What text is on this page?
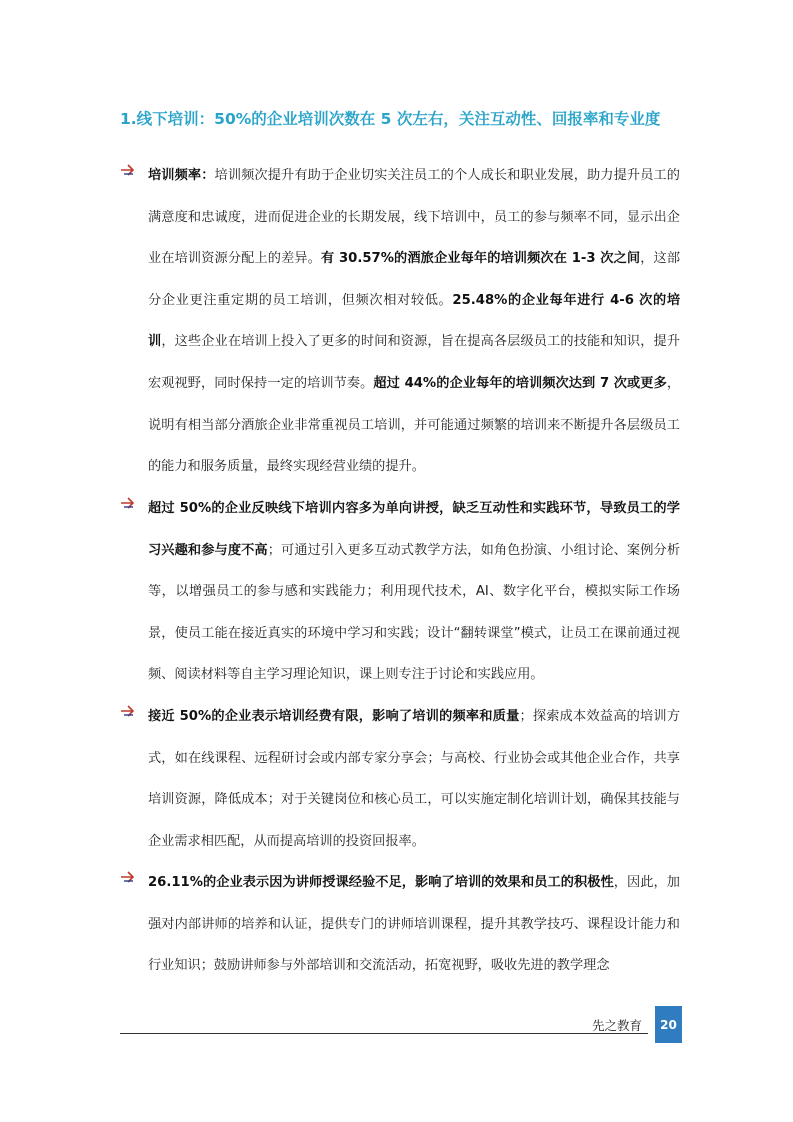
1.线下培训：50%的企业培训次数在 5 次左右，关注互动性、回报率和专业度
培训频率：培训频次提升有助于企业切实关注员工的个人成长和职业发展，助力提升员工的满意度和忠诚度，进而促进企业的长期发展，线下培训中，员工的参与频率不同，显示出企业在培训资源分配上的差异。有 30.57%的酒旅企业每年的培训频次在 1-3 次之间，这部分企业更注重定期的员工培训，但频次相对较低。25.48%的企业每年进行 4-6 次的培训，这些企业在培训上投入了更多的时间和资源，旨在提高各层级员工的技能和知识，提升宏观视野，同时保持一定的培训节奏。超过 44%的企业每年的培训频次达到 7 次或更多，说明有相当部分酒旅企业非常重视员工培训，并可能通过频繁的培训来不断提升各层级员工的能力和服务质量，最终实现经营业绩的提升。
超过 50%的企业反映线下培训内容多为单向讲授，缺乏互动性和实践环节，导致员工的学习兴趣和参与度不高；可通过引入更多互动式教学方法，如角色扮演、小组讨论、案例分析等，以增强员工的参与感和实践能力；利用现代技术，AI、数字化平台，模拟实际工作场景，使员工能在接近真实的环境中学习和实践；设计“翻转课堂”模式，让员工在课前通过视频、阅读材料等自主学习理论知识，课上则专注于讨论和实践应用。
接近 50%的企业表示培训经费有限，影响了培训的频率和质量；探索成本效益高的培训方式，如在线课程、远程研讨会或内部专家分享会；与高校、行业协会或其他企业合作，共享培训资源，降低成本；对于关键岗位和核心员工，可以实施定制化培训计划，确保其技能与企业需求相匹配，从而提高培训的投资回报率。
26.11%的企业表示因为讲师授课经验不足，影响了培训的效果和员工的积极性，因此，加强对内部讲师的培养和认证，提供专门的讲师培训课程，提升其教学技巧、课程设计能力和行业知识；鼓励讲师参与外部培训和交流活动，拓宽视野，吸收先进的教学理念
先之教育	20
